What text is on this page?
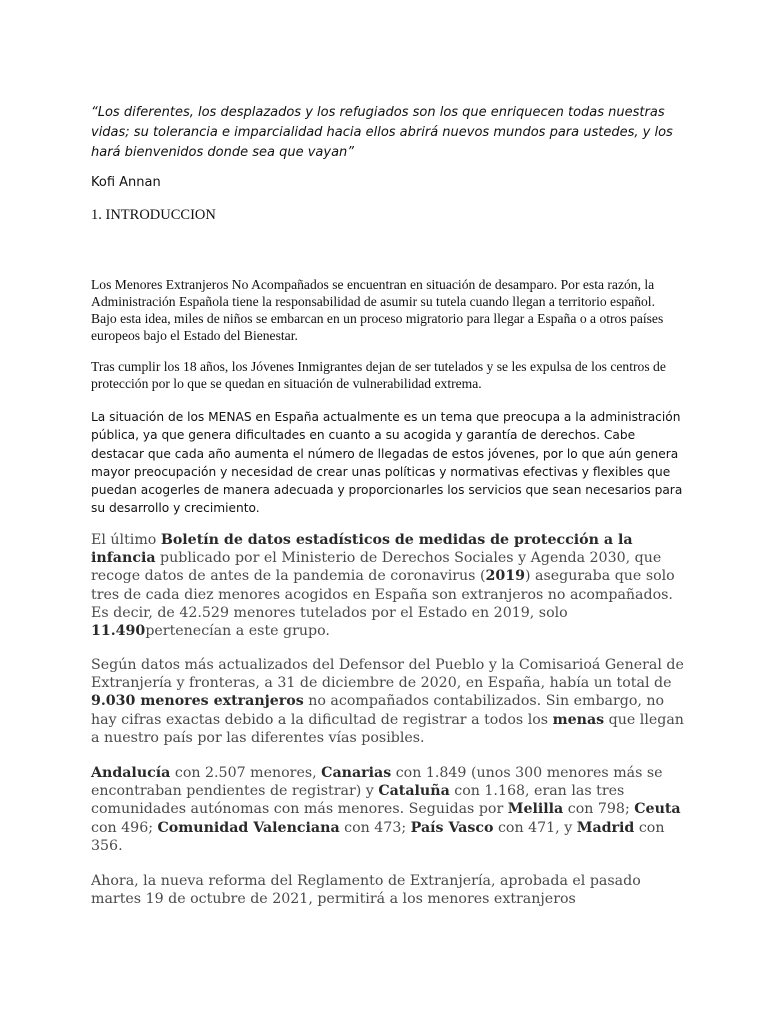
“Los diferentes, los desplazados y los refugiados son los que enriquecen todas nuestras vidas; su tolerancia e imparcialidad hacia ellos abrirá nuevos mundos para ustedes, y los hará bienvenidos donde sea que vayan”

Kofi Annan

1. INTRODUCCION

Los Menores Extranjeros No Acompañados se encuentran en situación de desamparo. Por esta razón, la Administración Española tiene la responsabilidad de asumir su tutela cuando llegan a territorio español. Bajo esta idea, miles de niños se embarcan en un proceso migratorio para llegar a España o a otros países europeos bajo el Estado del Bienestar.

Tras cumplir los 18 años, los Jóvenes Inmigrantes dejan de ser tutelados y se les expulsa de los centros de protección por lo que se quedan en situación de vulnerabilidad extrema.

La situación de los MENAS en España actualmente es un tema que preocupa a la administración pública, ya que genera dificultades en cuanto a su acogida y garantía de derechos. Cabe destacar que cada año aumenta el número de llegadas de estos jóvenes, por lo que aún genera mayor preocupación y necesidad de crear unas políticas y normativas efectivas y flexibles que puedan acogerles de manera adecuada y proporcionarles los servicios que sean necesarios para su desarrollo y crecimiento.

El último Boletín de datos estadísticos de medidas de protección a la infancia publicado por el Ministerio de Derechos Sociales y Agenda 2030, que recoge datos de antes de la pandemia de coronavirus (2019) aseguraba que solo tres de cada diez menores acogidos en España son extranjeros no acompañados. Es decir, de 42.529 menores tutelados por el Estado en 2019, solo 11.490pertenecían a este grupo.

Según datos más actualizados del Defensor del Pueblo y la Comisarioá General de Extranjería y fronteras, a 31 de diciembre de 2020, en España, había un total de 9.030 menores extranjeros no acompañados contabilizados. Sin embargo, no hay cifras exactas debido a la dificultad de registrar a todos los menas que llegan a nuestro país por las diferentes vías posibles.

Andalucía con 2.507 menores, Canarias con 1.849 (unos 300 menores más se encontraban pendientes de registrar) y Cataluña con 1.168, eran las tres comunidades autónomas con más menores. Seguidas por Melilla con 798; Ceuta con 496; Comunidad Valenciana con 473; País Vasco con 471, y Madrid con 356.

Ahora, la nueva reforma del Reglamento de Extranjería, aprobada el pasado martes 19 de octubre de 2021, permitirá a los menores extranjeros
